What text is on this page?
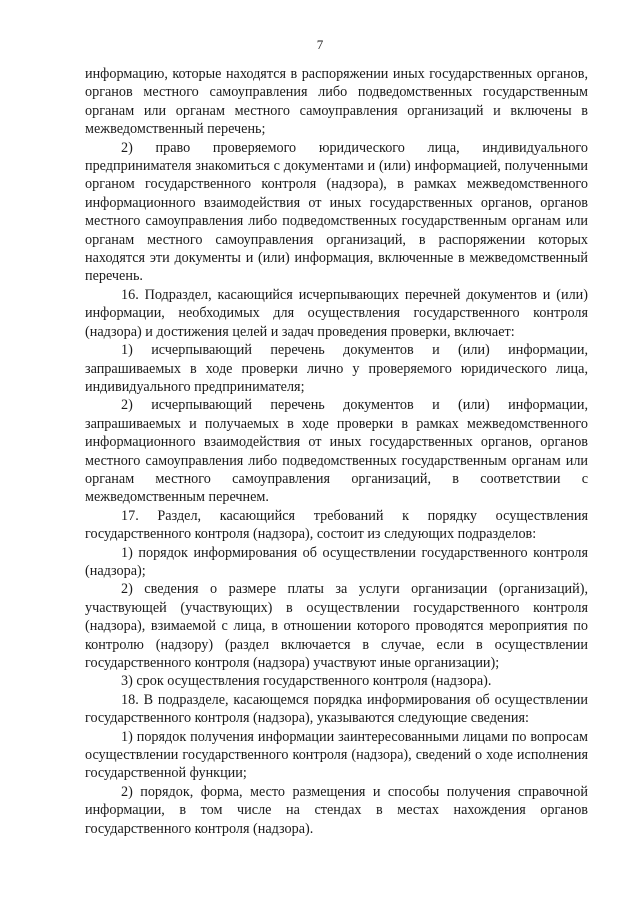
7

информацию, которые находятся в распоряжении иных государственных органов, органов местного самоуправления либо подведомственных государственным органам или органам местного самоуправления организаций и включены в межведомственный перечень;

2) право проверяемого юридического лица, индивидуального предпринимателя знакомиться с документами и (или) информацией, полученными органом государственного контроля (надзора), в рамках межведомственного информационного взаимодействия от иных государственных органов, органов местного самоуправления либо подведомственных государственным органам или органам местного самоуправления организаций, в распоряжении которых находятся эти документы и (или) информация, включенные в межведомственный перечень.

16. Подраздел, касающийся исчерпывающих перечней документов и (или) информации, необходимых для осуществления государственного контроля (надзора) и достижения целей и задач проведения проверки, включает:

1) исчерпывающий перечень документов и (или) информации, запрашиваемых в ходе проверки лично у проверяемого юридического лица, индивидуального предпринимателя;

2) исчерпывающий перечень документов и (или) информации, запрашиваемых и получаемых в ходе проверки в рамках межведомственного информационного взаимодействия от иных государственных органов, органов местного самоуправления либо подведомственных государственным органам или органам местного самоуправления организаций, в соответствии с межведомственным перечнем.

17. Раздел, касающийся требований к порядку осуществления государственного контроля (надзора), состоит из следующих подразделов:

1) порядок информирования об осуществлении государственного контроля (надзора);

2) сведения о размере платы за услуги организации (организаций), участвующей (участвующих) в осуществлении государственного контроля (надзора), взимаемой с лица, в отношении которого проводятся мероприятия по контролю (надзору) (раздел включается в случае, если в осуществлении государственного контроля (надзора) участвуют иные организации);

3) срок осуществления государственного контроля (надзора).

18. В подразделе, касающемся порядка информирования об осуществлении государственного контроля (надзора), указываются следующие сведения:

1) порядок получения информации заинтересованными лицами по вопросам осуществлении государственного контроля (надзора), сведений о ходе исполнения государственной функции;

2) порядок, форма, место размещения и способы получения справочной информации, в том числе на стендах в местах нахождения органов государственного контроля (надзора).
